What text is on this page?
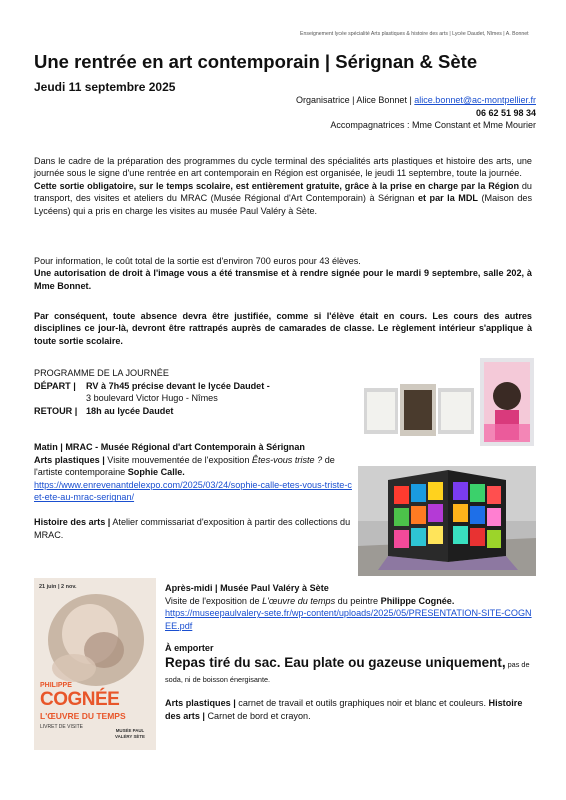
Enseignement lycée spécialité Arts plastiques & histoire des arts | Lycée Daudet, Nîmes | A. Bonnet
Une rentrée en art contemporain | Sérignan & Sète
Jeudi 11 septembre 2025
Organisatrice | Alice Bonnet | alice.bonnet@ac-montpellier.fr
06 62 51 98 34
Accompagnatrices : Mme Constant et Mme Mourier
Dans le cadre de la préparation des programmes du cycle terminal des spécialités arts plastiques et histoire des arts, une journée sous le signe d'une rentrée en art contemporain en Région est organisée, le jeudi 11 septembre, toute la journée.
Cette sortie obligatoire, sur le temps scolaire, est entièrement gratuite, grâce à la prise en charge par la Région du transport, des visites et ateliers du MRAC (Musée Régional d'Art Contemporain) à Sérignan et par la MDL (Maison des Lycéens) qui a pris en charge les visites au musée Paul Valéry à Sète.
Pour information, le coût total de la sortie est d'environ 700 euros pour 43 élèves.
Une autorisation de droit à l'image vous a été transmise et à rendre signée pour le mardi 9 septembre, salle 202, à Mme Bonnet.
Par conséquent, toute absence devra être justifiée, comme si l'élève était en cours. Les cours des autres disciplines ce jour-là, devront être rattrapés auprès de camarades de classe. Le règlement intérieur s'applique à toute sortie scolaire.
PROGRAMME DE LA JOURNÉE
DÉPART | RV à 7h45 précise devant le lycée Daudet -
3 boulevard Victor Hugo - Nîmes
RETOUR | 18h au lycée Daudet
Matin | MRAC - Musée Régional d'art Contemporain à Sérignan
Arts plastiques | Visite mouvementée de l'exposition Êtes-vous triste ? de l'artiste contemporaine Sophie Calle.
https://www.enrevenantdelexpo.com/2025/03/24/sophie-calle-etes-vous-triste-cet-ete-au-mrac-serignan/
Histoire des arts | Atelier commissariat d'exposition à partir des collections du MRAC.
21 juin | 2 nov.
PHILIPPE
COGNÉE
L'ŒUVRE DU TEMPS
LIVRET DE VISITE
MUSÉE PAUL VALÉRY SÈTE
Après-midi | Musée Paul Valéry à Sète
Visite de l'exposition de L'œuvre du temps du peintre Philippe Cognée.
https://museepaulvalery-sete.fr/wp-content/uploads/2025/05/PRESENTATION-SITE-COGNEE.pdf
À emporter
Repas tiré du sac. Eau plate ou gazeuse uniquement, pas de soda, ni de boisson énergisante.
Arts plastiques | carnet de travail et outils graphiques noir et blanc et couleurs. Histoire des arts | Carnet de bord et crayon.
